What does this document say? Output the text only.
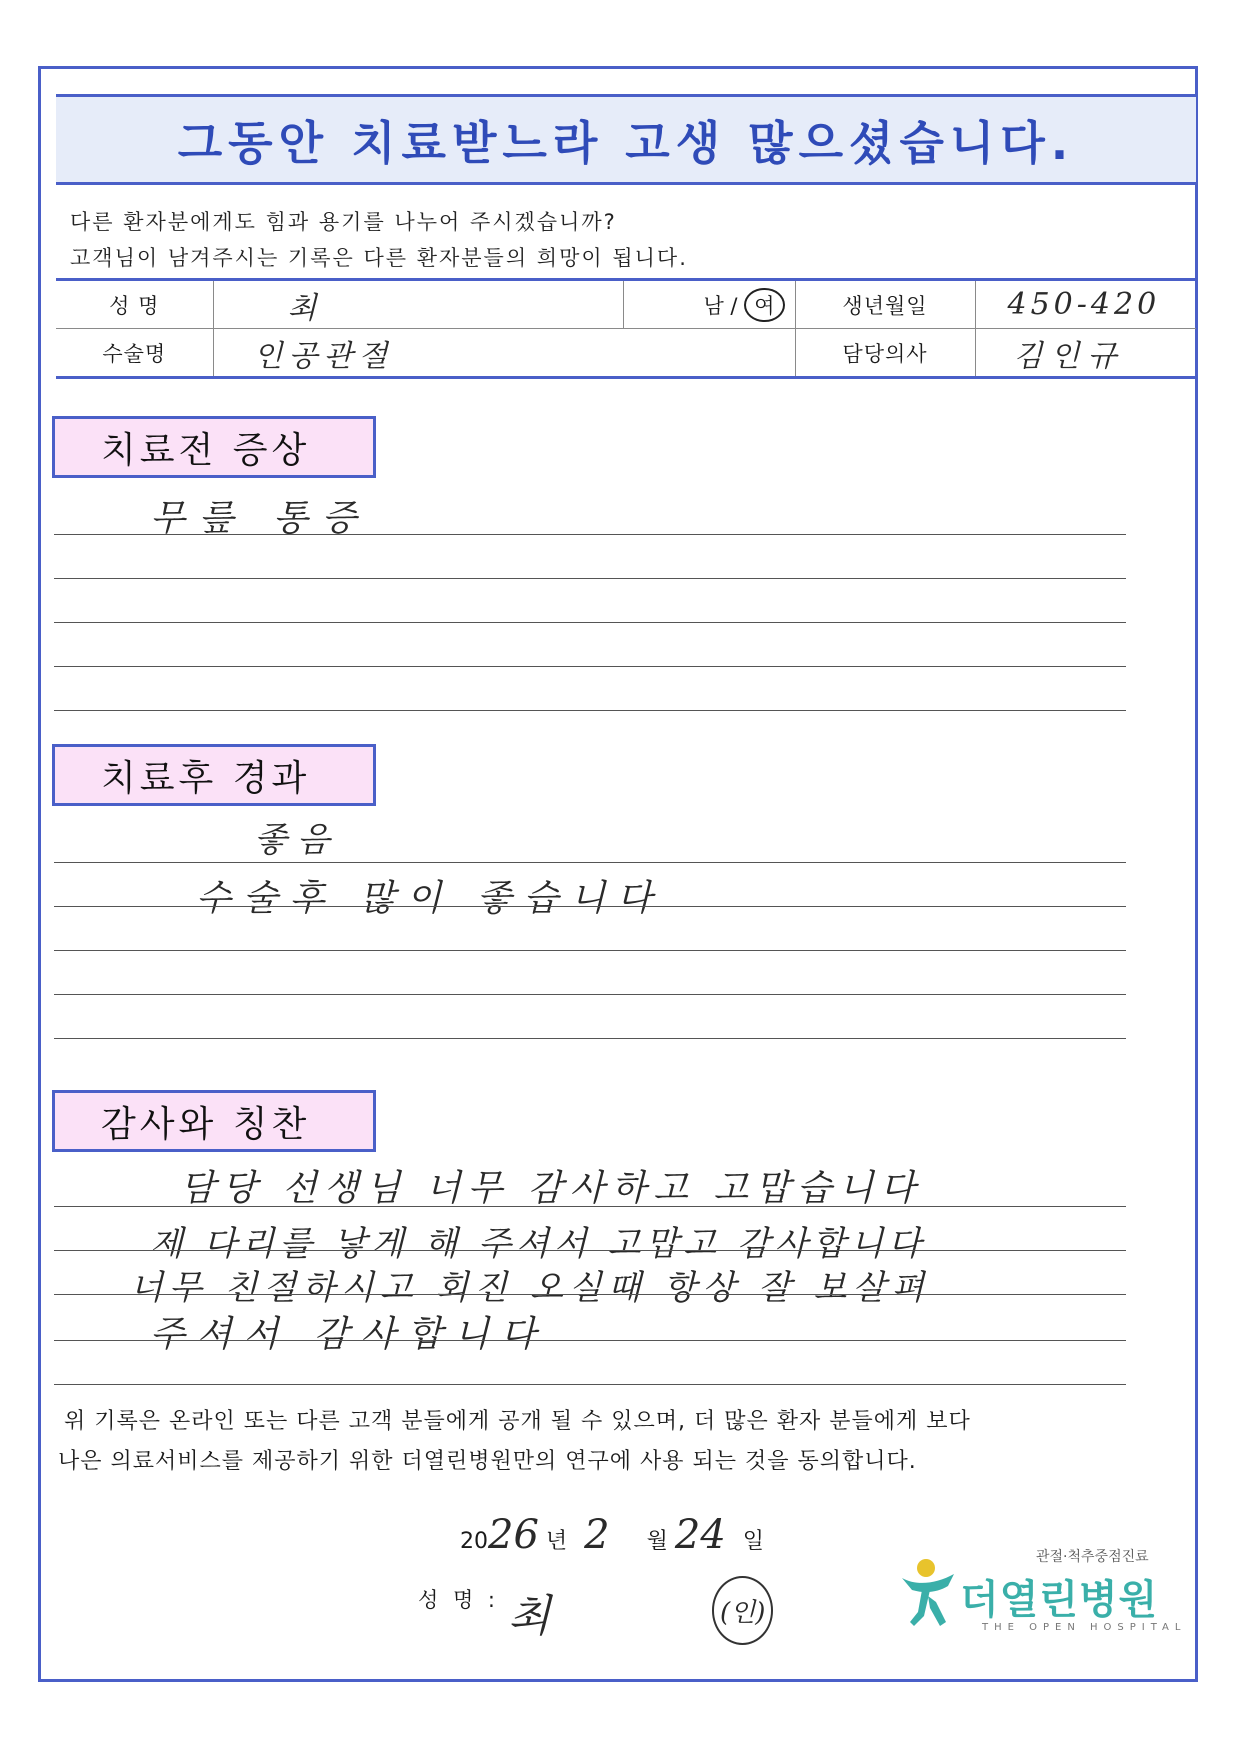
그동안 치료받느라 고생 많으셨습니다.
다른 환자분에게도 힘과 용기를 나누어 주시겠습니까?
고객님이 남겨주시는 기록은 다른 환자분들의 희망이 됩니다.
성 명	최	남 / 여	생년월일	450-420
수술명	인공관절		담당의사	김인규
치료전 증상
무릎 통증
치료후 경과
좋음
수술후 많이 좋습니다
감사와 칭찬
담당 선생님 너무 감사하고 고맙습니다
제 다리를 낳게 해 주셔서 고맙고 감사합니다
너무 친절하시고 회진 오실때 항상 잘 보살펴
주셔서 감사합니다
위 기록은 온라인 또는 다른 고객 분들에게 공개 될 수 있으며, 더 많은 환자 분들에게 보다
나은 의료서비스를 제공하기 위한 더열린병원만의 연구에 사용 되는 것을 동의합니다.
2026 년 2 월 24 일
성 명 : 최	(인)
관절·척추중점진료
더열린병원
THE OPEN HOSPITAL
